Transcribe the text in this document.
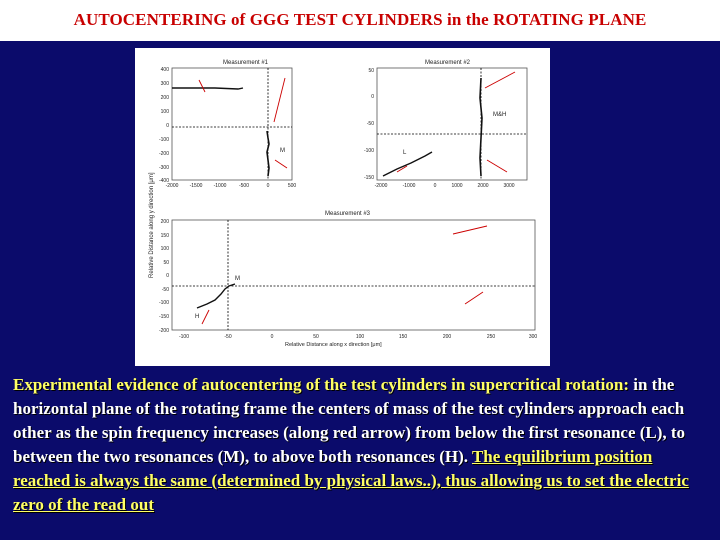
AUTOCENTERING of GGG TEST CYLINDERS in the ROTATING PLANE
Relative Distance along y direction [μm]
Measurement #1
400
300
200
100
0
-100
-200
-300
-400
-2000 -1500 -1000	-500	0	500
M
Measurement #2
50
0
-50
-100
-150
-2000	-1000	0	1000	2000	3000
M&H
L
Measurement #3
200
150
100
50
0
-50
-100
-150
-200
-100	-50	0	50	100	150	200	250	300
M
H
Relative Distance along x direction [μm]
Experimental evidence of autocentering of the test cylinders in supercritical rotation: in the horizontal plane of the rotating frame the centers of mass of the test cylinders approach each other as the spin frequency increases (along red arrow) from below the first resonance (L), to between the two resonances (M), to above both resonances (H). The equilibrium position reached is always the same (determined by physical laws..), thus allowing us to set the electric zero of the read out
